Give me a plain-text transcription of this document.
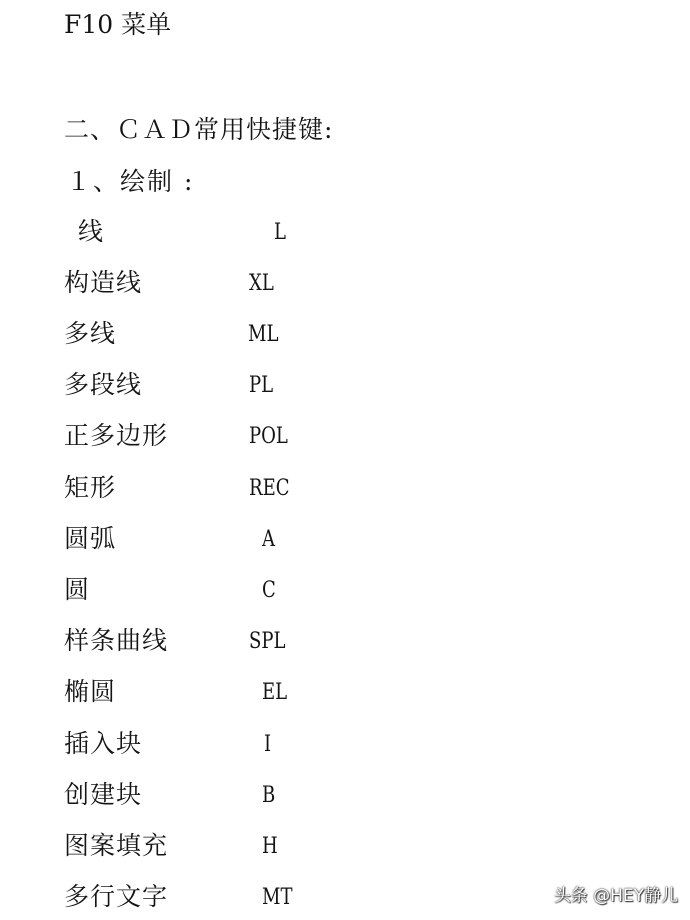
F10 菜单
二、ＣＡＤ常用快捷键:
１、绘制 :
线	L
构造线	XL
多线	ML
多段线	PL
正多边形	POL
矩形	REC
圆弧	A
圆	C
样条曲线	SPL
椭圆	EL
插入块	I
创建块	B
图案填充	H
多行文字	MT	头条 @HEY静儿
